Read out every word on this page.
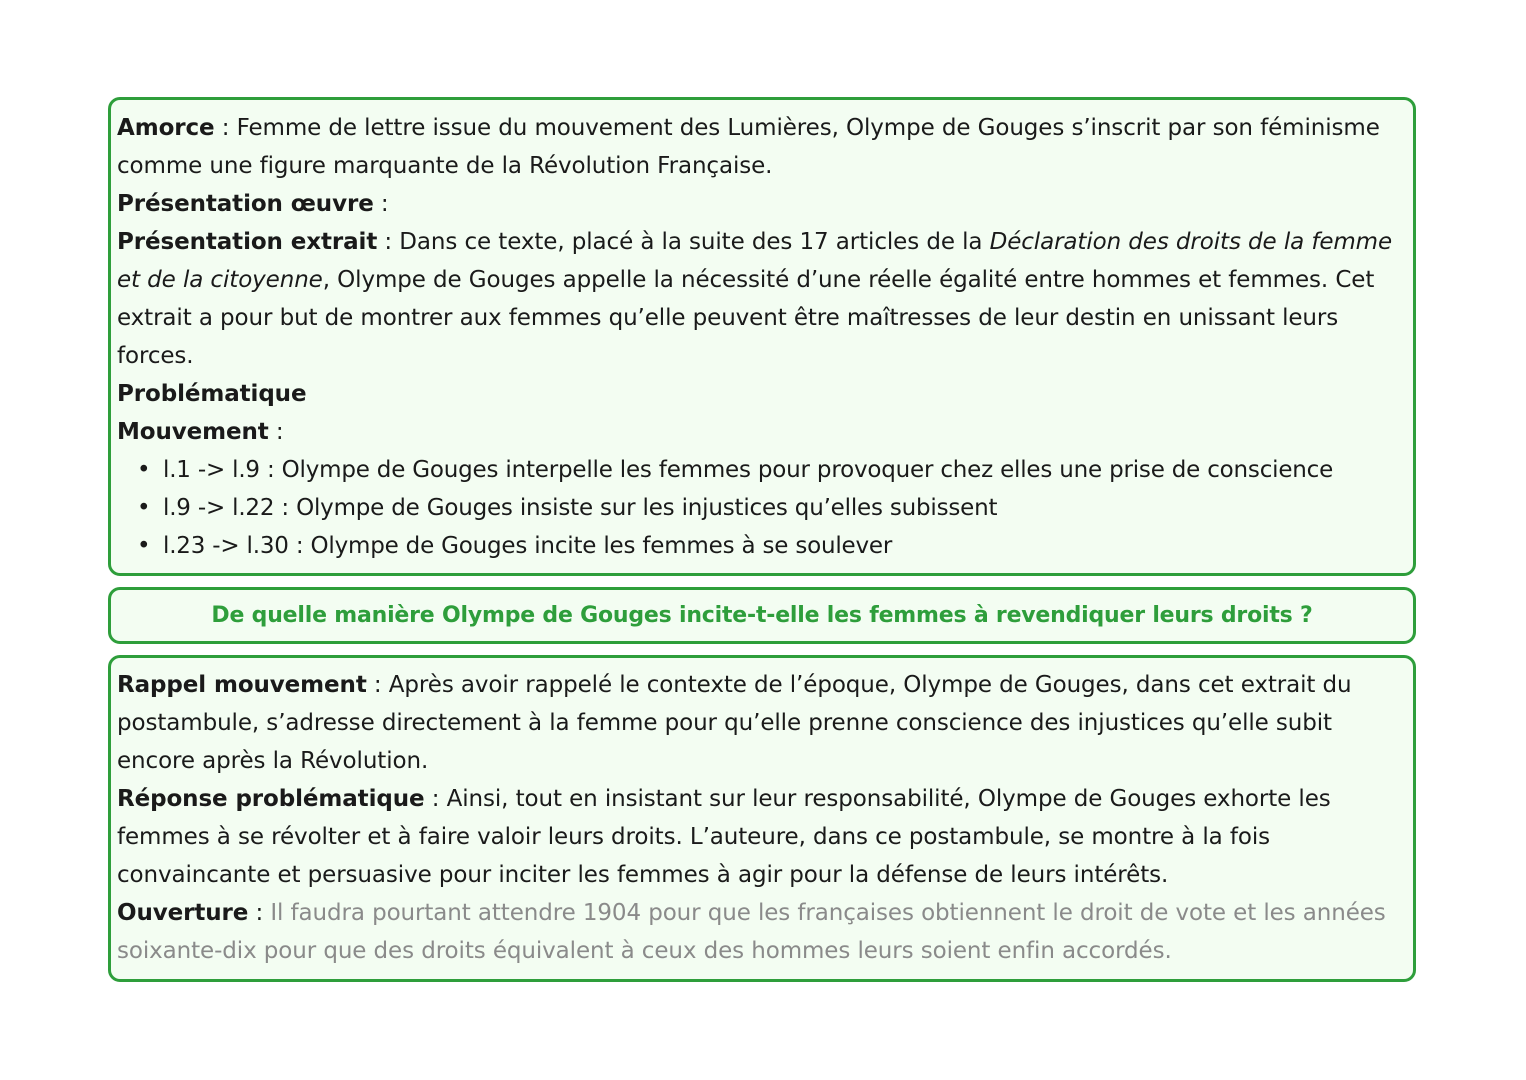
Amorce : Femme de lettre issue du mouvement des Lumières, Olympe de Gouges s’inscrit par son féminisme comme une figure marquante de la Révolution Française.

Présentation œuvre :

Présentation extrait : Dans ce texte, placé à la suite des 17 articles de la Déclaration des droits de la femme et de la citoyenne, Olympe de Gouges appelle la nécessité d’une réelle égalité entre hommes et femmes. Cet extrait a pour but de montrer aux femmes qu’elle peuvent être maîtresses de leur destin en unissant leurs forces.

Problématique

Mouvement :

• l.1 -> l.9 : Olympe de Gouges interpelle les femmes pour provoquer chez elles une prise de conscience
• l.9 -> l.22 : Olympe de Gouges insiste sur les injustices qu’elles subissent
• l.23 -> l.30 : Olympe de Gouges incite les femmes à se soulever
De quelle manière Olympe de Gouges incite-t-elle les femmes à revendiquer leurs droits ?

Rappel mouvement : Après avoir rappelé le contexte de l’époque, Olympe de Gouges, dans cet extrait du postambule, s’adresse directement à la femme pour qu’elle prenne conscience des injustices qu’elle subit encore après la Révolution.

Réponse problématique : Ainsi, tout en insistant sur leur responsabilité, Olympe de Gouges exhorte les femmes à se révolter et à faire valoir leurs droits. L’auteure, dans ce postambule, se montre à la fois convaincante et persuasive pour inciter les femmes à agir pour la défense de leurs intérêts.

Ouverture : Il faudra pourtant attendre 1904 pour que les françaises obtiennent le droit de vote et les années soixante-dix pour que des droits équivalent à ceux des hommes leurs soient enfin accordés.
